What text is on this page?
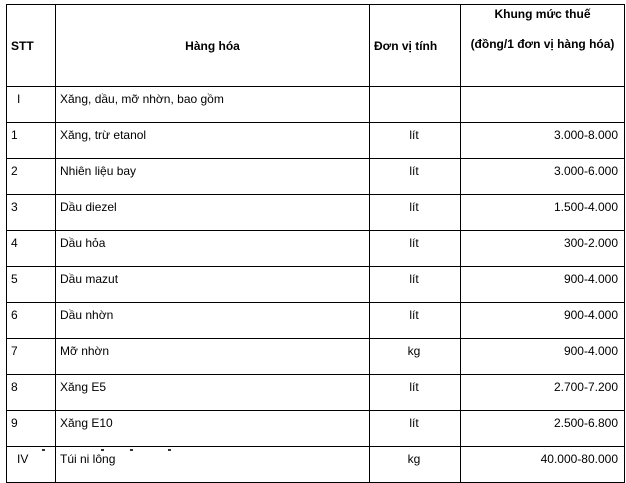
STT	Hàng hóa	Đơn vị tính	Khung mức thuế
(đồng/1 đơn vị hàng hóa)

I	Xăng, dầu, mỡ nhờn, bao gồm		
1	Xăng, trừ etanol	lít	3.000-8.000
2	Nhiên liệu bay	lít	3.000-6.000
3	Dầu diezel	lít	1.500-4.000
4	Dầu hỏa	lít	300-2.000
5	Dầu mazut	lít	900-4.000
6	Dầu nhờn	lít	900-4.000
7	Mỡ nhờn	kg	900-4.000
8	Xăng E5	lít	2.700-7.200
9	Xăng E10	lít	2.500-6.800
IV	Túi ni lông	kg	40.000-80.000
